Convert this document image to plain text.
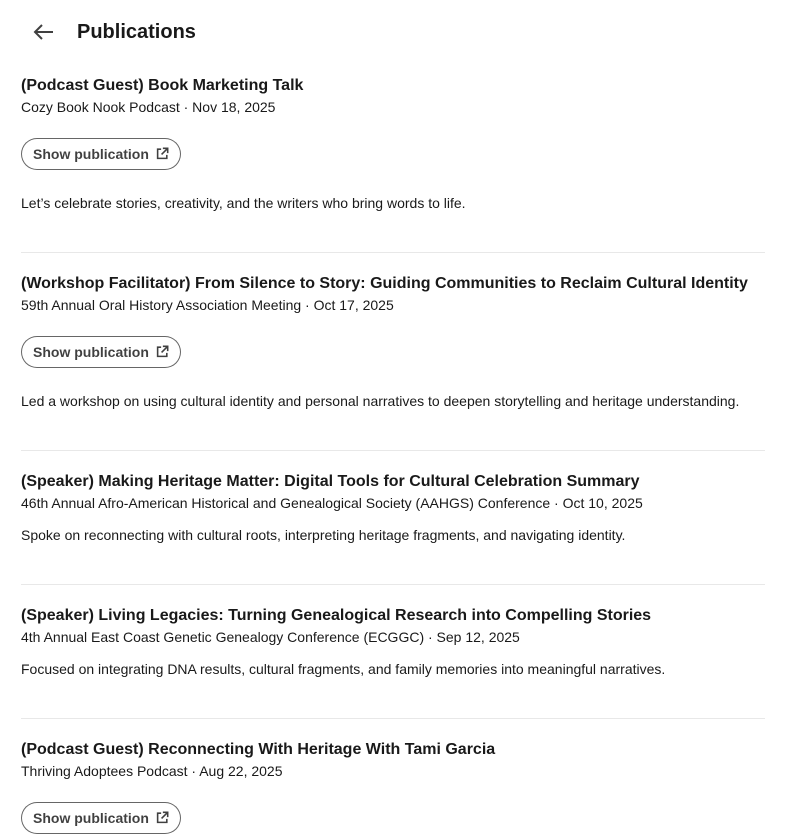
Publications
(Podcast Guest) Book Marketing Talk
Cozy Book Nook Podcast · Nov 18, 2025
Show publication
Let’s celebrate stories, creativity, and the writers who bring words to life.
(Workshop Facilitator) From Silence to Story: Guiding Communities to Reclaim Cultural Identity
59th Annual Oral History Association Meeting · Oct 17, 2025
Show publication
Led a workshop on using cultural identity and personal narratives to deepen storytelling and heritage understanding.
(Speaker) Making Heritage Matter: Digital Tools for Cultural Celebration Summary
46th Annual Afro-American Historical and Genealogical Society (AAHGS) Conference · Oct 10, 2025
Spoke on reconnecting with cultural roots, interpreting heritage fragments, and navigating identity.
(Speaker) Living Legacies: Turning Genealogical Research into Compelling Stories
4th Annual East Coast Genetic Genealogy Conference (ECGGC) · Sep 12, 2025
Focused on integrating DNA results, cultural fragments, and family memories into meaningful narratives.
(Podcast Guest) Reconnecting With Heritage With Tami Garcia
Thriving Adoptees Podcast · Aug 22, 2025
Show publication
